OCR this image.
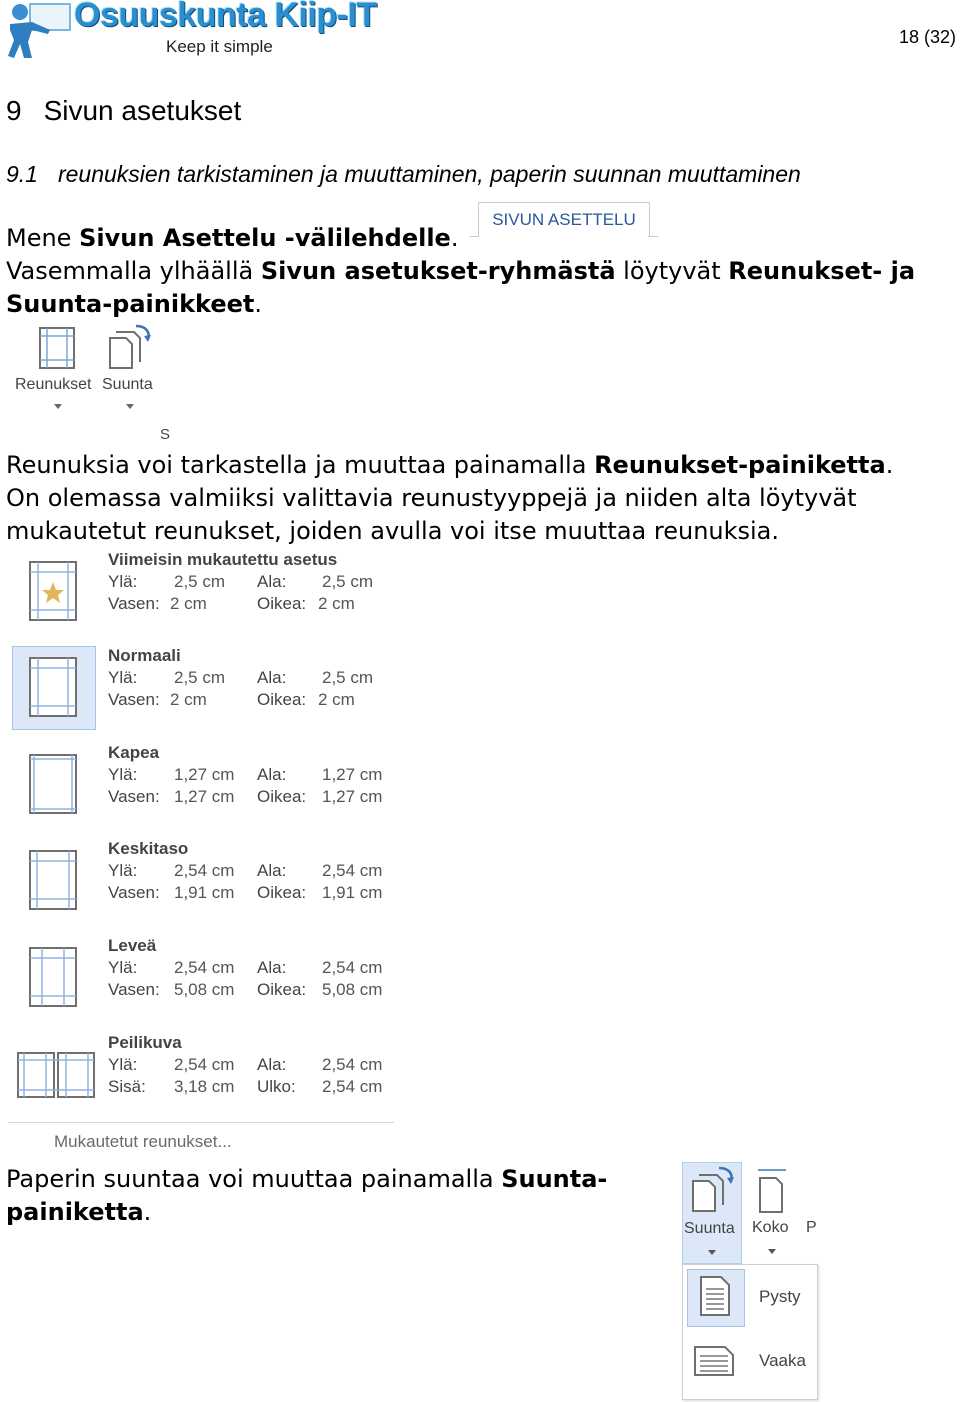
Osuuskunta Kiip-IT
Keep it simple	18 (32)
9 Sivun asetukset
9.1 reunuksien tarkistaminen ja muuttaminen, paperin suunnan muuttaminen
Mene Sivun Asettelu -välilehdelle.
Vasemmalla ylhäällä Sivun asetukset-ryhmästä löytyvät Reunukset- ja
Suunta-painikkeet.
SIVUN ASETTELU
Reunukset Suunta
S
Reunuksia voi tarkastella ja muuttaa painamalla Reunukset-painiketta.
On olemassa valmiiksi valittavia reunustyyppejä ja niiden alta löytyvät
mukautetut reunukset, joiden avulla voi itse muuttaa reunuksia.
Viimeisin mukautettu asetus
Ylä: 2,5 cm Ala: 2,5 cm
Vasen: 2 cm	Oikea: 2 cm
Normaali
Ylä: 2,5 cm Ala: 2,5 cm
Vasen: 2 cm	Oikea: 2 cm
Kapea
Ylä: 1,27 cm Ala: 1,27 cm
Vasen: 1,27 cm Oikea: 1,27 cm
Keskitaso
Ylä: 2,54 cm Ala: 2,54 cm
Vasen: 1,91 cm Oikea: 1,91 cm
Leveä
Ylä: 2,54 cm Ala: 2,54 cm
Vasen: 5,08 cm Oikea: 5,08 cm
Peilikuva
Ylä: 2,54 cm Ala: 2,54 cm
Sisä: 3,18 cm Ulko: 2,54 cm
Mukautetut reunukset...
Paperin suuntaa voi muuttaa painamalla Suunta-
painiketta.
Suunta Koko P
Pysty
Vaaka
